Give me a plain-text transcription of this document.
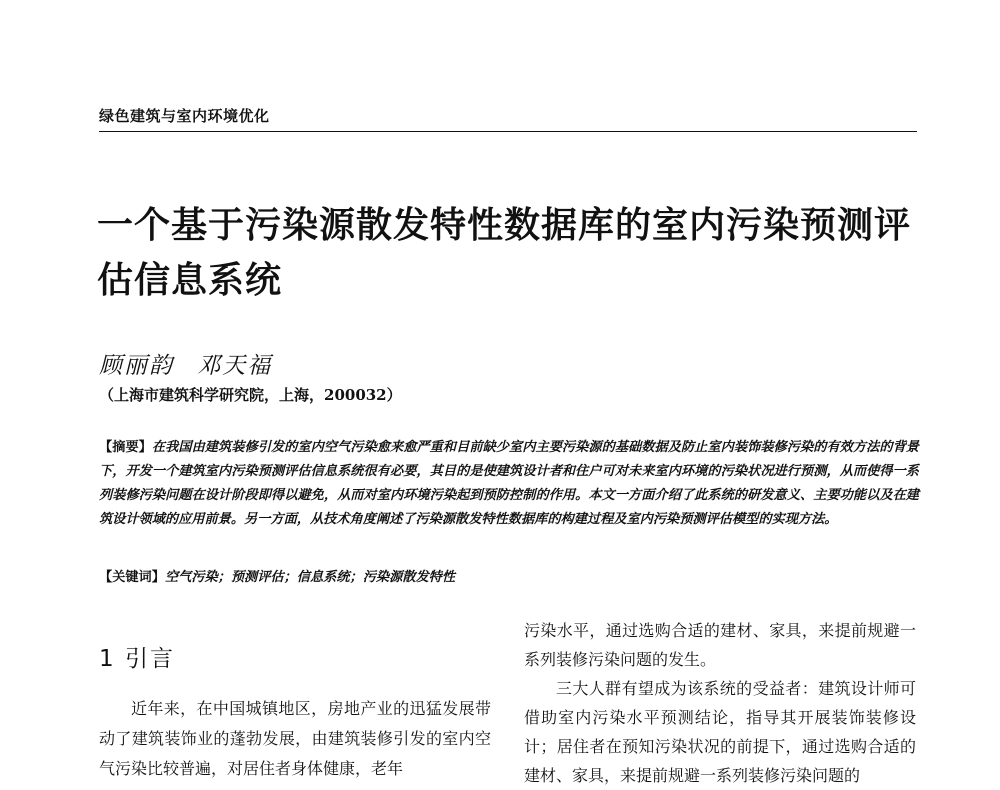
绿色建筑与室内环境优化
一个基于污染源散发特性数据库的室内污染预测评估信息系统
顾丽韵 邓天福
（上海市建筑科学研究院，上海，200032）
【摘要】在我国由建筑装修引发的室内空气污染愈来愈严重和目前缺少室内主要污染源的基础数据及防止室内装饰装修污染的有效方法的背景下，开发一个建筑室内污染预测评估信息系统很有必要，其目的是使建筑设计者和住户可对未来室内环境的污染状况进行预测，从而使得一系列装修污染问题在设计阶段即得以避免，从而对室内环境污染起到预防控制的作用。本文一方面介绍了此系统的研发意义、主要功能以及在建筑设计领域的应用前景。另一方面，从技术角度阐述了污染源散发特性数据库的构建过程及室内污染预测评估模型的实现方法。
【关键词】空气污染；预测评估；信息系统；污染源散发特性
1 引言

近年来，在中国城镇地区，房地产业的迅猛发展带动了建筑装饰业的蓬勃发展，由建筑装修引发的室内空气污染比较普遍，对居住者身体健康，老年

污染水平，通过选购合适的建材、家具，来提前规避一系列装修污染问题的发生。

三大人群有望成为该系统的受益者：建筑设计师可借助室内污染水平预测结论，指导其开展装饰装修设计；居住者在预知污染状况的前提下，通过选购合适的建材、家具，来提前规避一系列装修污染问题的
